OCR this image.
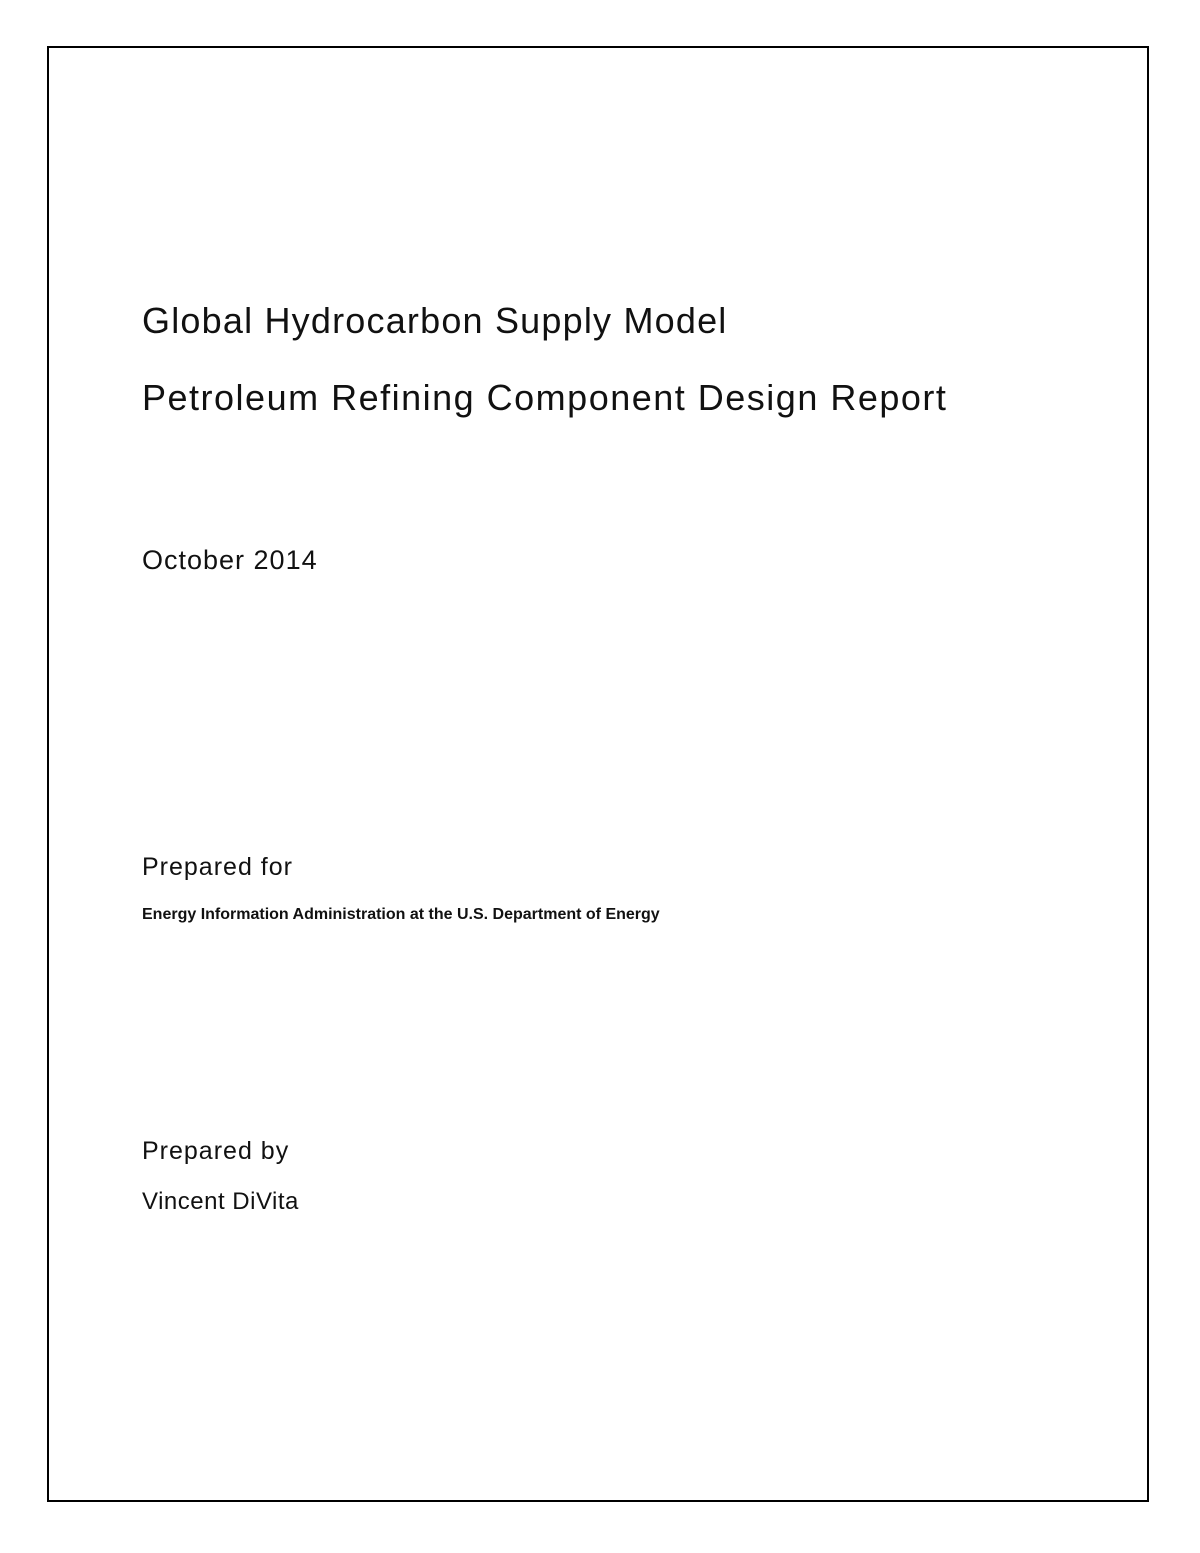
Global Hydrocarbon Supply Model
Petroleum Refining Component Design Report
October 2014
Prepared for
Energy Information Administration at the U.S. Department of Energy
Prepared by
Vincent DiVita
